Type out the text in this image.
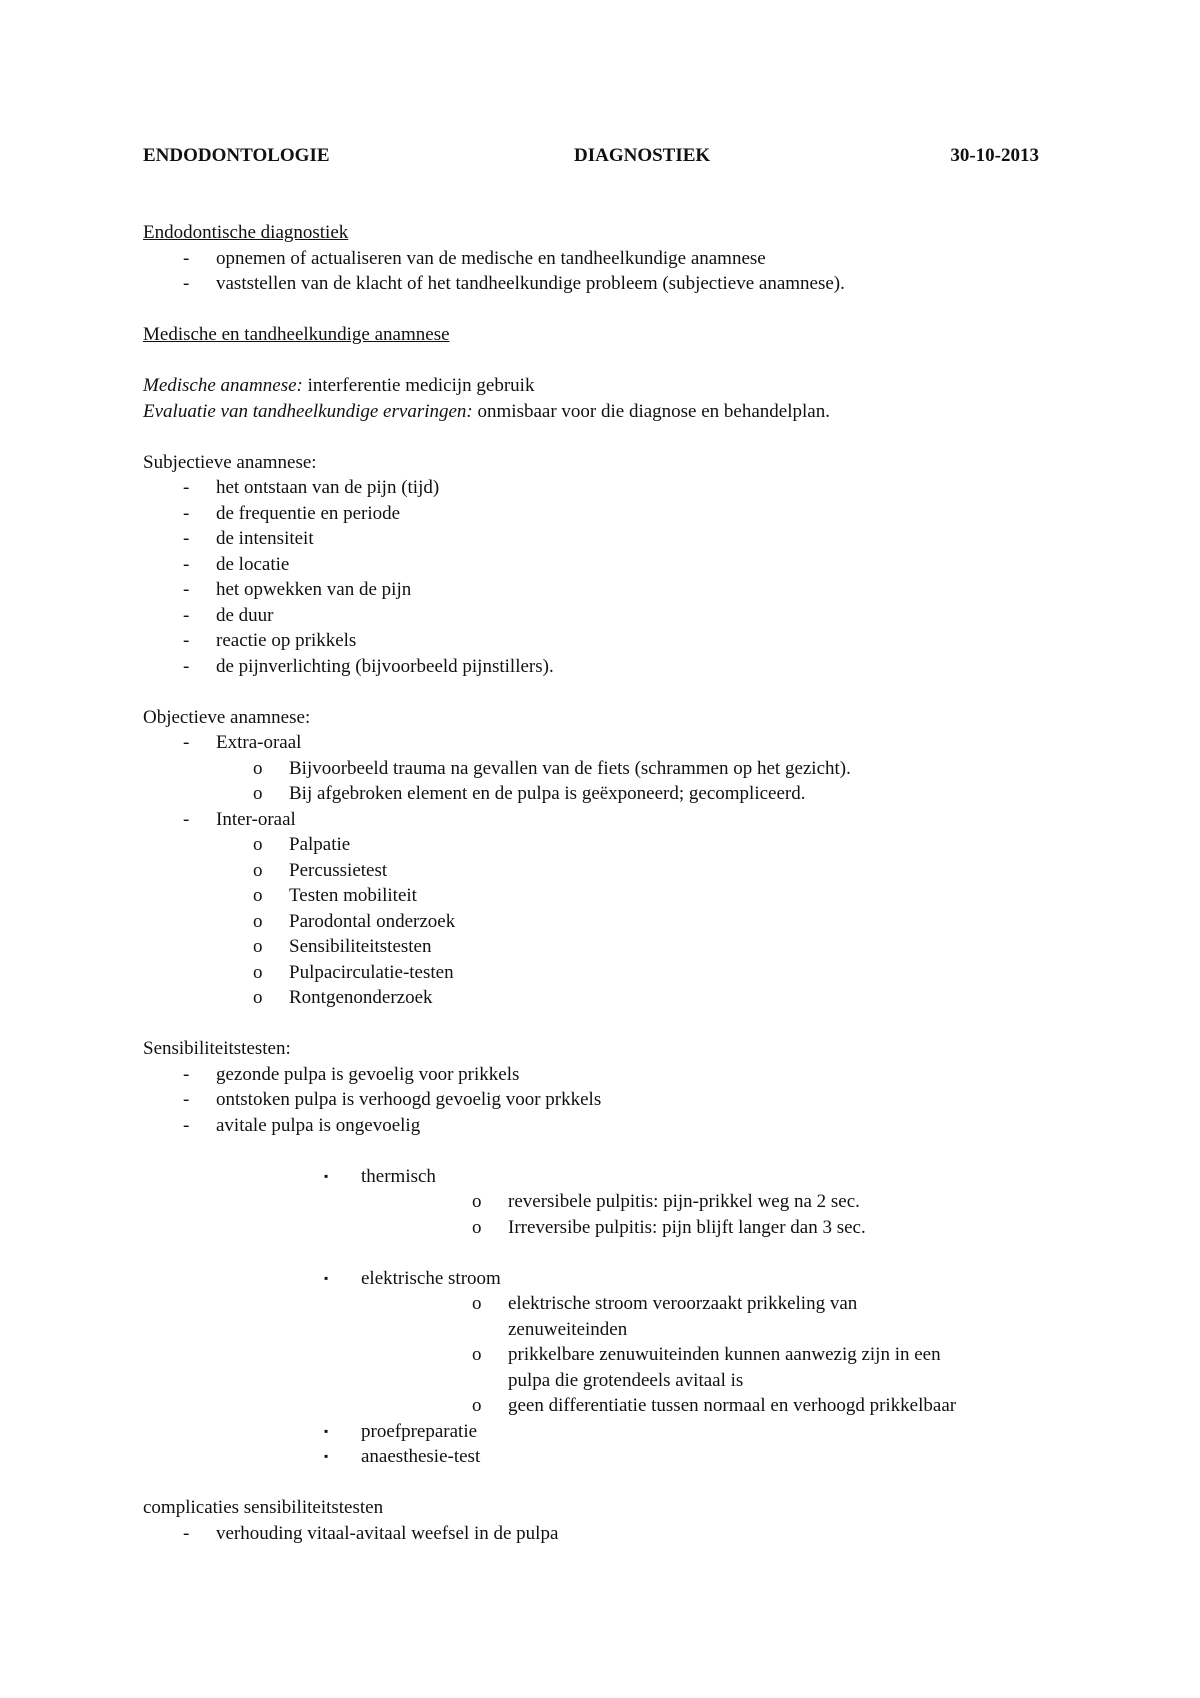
ENDODONTOLOGIE	DIAGNOSTIEK	30-10-2013
Endodontische diagnostiek
- opnemen of actualiseren van de medische en tandheelkundige anamnese
- vaststellen van de klacht of het tandheelkundige probleem (subjectieve anamnese).
Medische en tandheelkundige anamnese
Medische anamnese: interferentie medicijn gebruik
Evaluatie van tandheelkundige ervaringen: onmisbaar voor die diagnose en behandelplan.
Subjectieve anamnese:
- het ontstaan van de pijn (tijd)
- de frequentie en periode
- de intensiteit
- de locatie
- het opwekken van de pijn
- de duur
- reactie op prikkels
- de pijnverlichting (bijvoorbeeld pijnstillers).
Objectieve anamnese:
- Extra-oraal
o Bijvoorbeeld trauma na gevallen van de fiets (schrammen op het gezicht).
o Bij afgebroken element en de pulpa is geëxponeerd; gecompliceerd.
- Inter-oraal
o Palpatie
o Percussietest
o Testen mobiliteit
o Parodontal onderzoek
o Sensibiliteitstesten
o Pulpacirculatie-testen
o Rontgenonderzoek
Sensibiliteitstesten:
- gezonde pulpa is gevoelig voor prikkels
- ontstoken pulpa is verhoogd gevoelig voor prkkels
- avitale pulpa is ongevoelig
▪ thermisch
o reversibele pulpitis: pijn-prikkel weg na 2 sec.
o Irreversibe pulpitis: pijn blijft langer dan 3 sec.
▪ elektrische stroom
o elektrische stroom veroorzaakt prikkeling van
zenuweiteinden
o prikkelbare zenuwuiteinden kunnen aanwezig zijn in een
pulpa die grotendeels avitaal is
o geen differentiatie tussen normaal en verhoogd prikkelbaar
▪ proefpreparatie
▪ anaesthesie-test
complicaties sensibiliteitstesten
- verhouding vitaal-avitaal weefsel in de pulpa
